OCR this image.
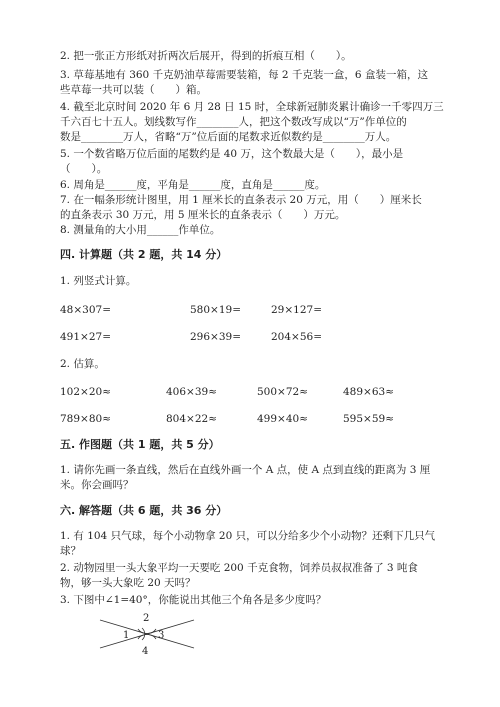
2. 把一张正方形纸对折两次后展开，得到的折痕互相（　　）。
3. 草莓基地有 360 千克奶油草莓需要装箱，每 2 千克装一盒，6 盒装一箱，这
些草莓一共可以装（　　）箱。
4. 截至北京时间 2020 年 6 月 28 日 15 时，全球新冠肺炎累计确诊一千零四万三
千六百七十五人。划线数写作________人，把这个数改写成以“万”作单位的
数是________万人，省略“万”位后面的尾数求近似数约是________万人。
5. 一个数省略万位后面的尾数约是 40 万，这个数最大是（　　），最小是
（　　）。
6. 周角是______度，平角是______度，直角是______度。
7. 在一幅条形统计图里，用 1 厘米长的直条表示 20 万元，用（　　）厘米长
的直条表示 30 万元，用 5 厘米长的直条表示（　　）万元。
8. 测量角的大小用______作单位。
四. 计算题（共 2 题，共 14 分）
1. 列竖式计算。
48×307=	580×19=	29×127=
491×27=	296×39=	204×56=
2. 估算。
102×20≈	406×39≈	500×72≈	489×63≈
789×80≈	804×22≈	499×40≈	595×59≈
五. 作图题（共 1 题，共 5 分）
1. 请你先画一条直线，然后在直线外画一个 A 点，使 A 点到直线的距离为 3 厘
米。你会画吗？
六. 解答题（共 6 题，共 36 分）
1. 有 104 只气球，每个小动物拿 20 只，可以分给多少个小动物？还剩下几只气
球？
2. 动物园里一头大象平均一天要吃 200 千克食物，饲养员叔叔准备了 3 吨食
物，够一头大象吃 20 天吗？
3. 下图中∠1=40°，你能说出其他三个角各是多少度吗？
1
2
3
4
